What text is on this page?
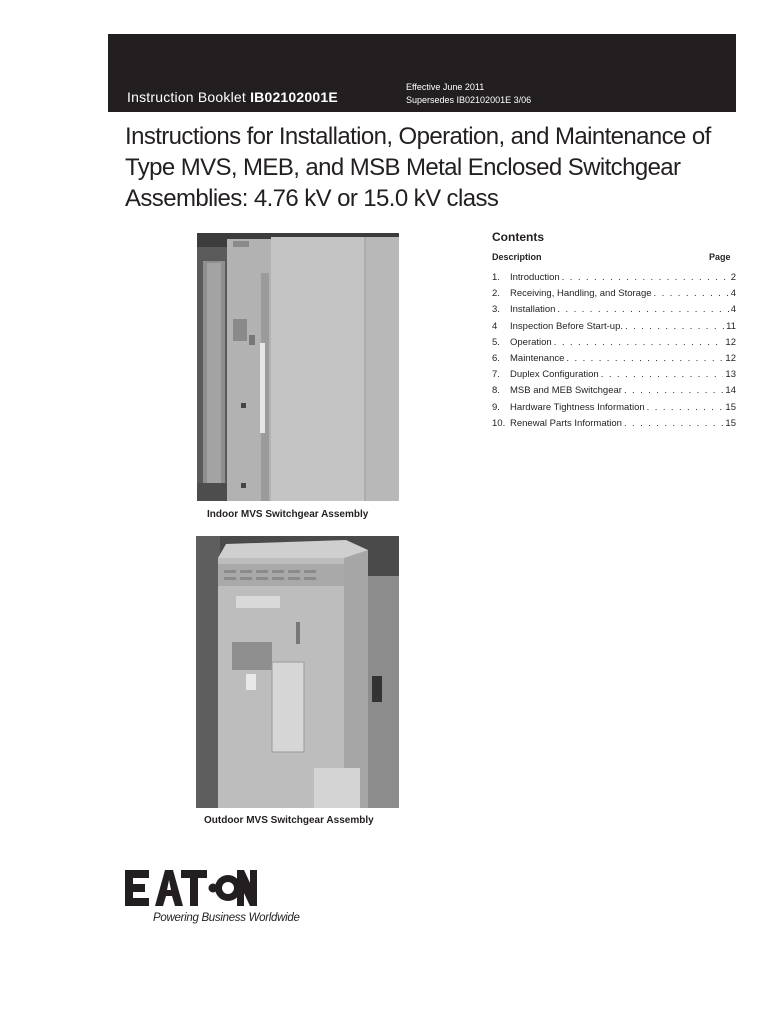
Instruction Booklet IB02102001E
Effective June 2011
Supersedes IB02102001E 3/06
Instructions for Installation, Operation, and Maintenance of Type MVS, MEB, and MSB Metal Enclosed Switchgear Assemblies: 4.76 kV or 15.0 kV class
Indoor MVS Switchgear Assembly
Outdoor MVS Switchgear Assembly
Contents
Description	Page
1.	Introduction . . .	2
2.	Receiving, Handling, and Storage . . .	4
3.	Installation . . .	4
4	Inspection Before Start-up. . . .	11
5.	Operation . . .	12
6.	Maintenance . . .	12
7.	Duplex Configuration . . .	13
8.	MSB and MEB Switchgear . . .	14
9.	Hardware Tightness Information . . .	15
10. Renewal Parts Information . . .	15
Powering Business Worldwide
